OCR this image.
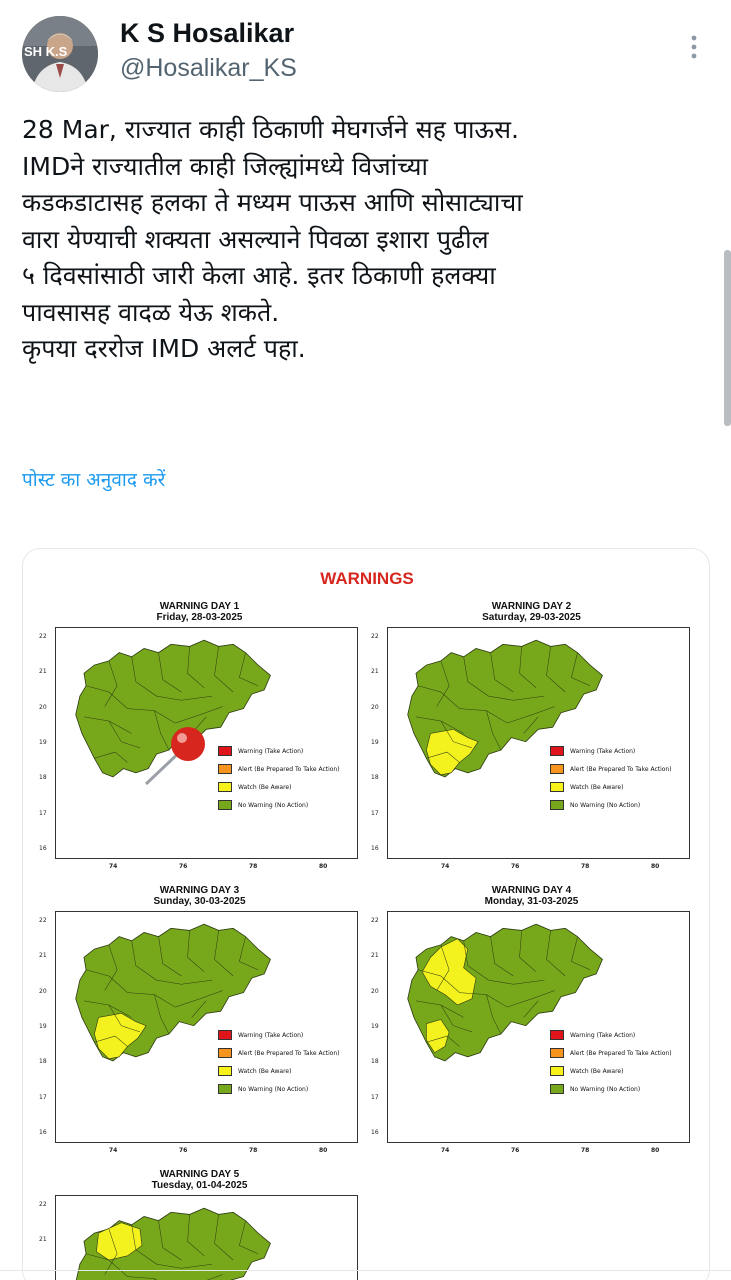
SH K.S
K S Hosalikar
@Hosalikar_KS
28 Mar, राज्यात काही ठिकाणी मेघगर्जने सह पाऊस.
IMDने राज्यातील काही जिल्ह्यांमध्ये विजांच्या
कडकडाटासह हलका ते मध्यम पाऊस आणि सोसाट्याचा
वारा येण्याची शक्यता असल्याने पिवळा इशारा पुढील
५ दिवसांसाठी जारी केला आहे. इतर ठिकाणी हलक्या
पावसासह वादळ येऊ शकते.
कृपया दररोज IMD अलर्ट पहा.
पोस्ट का अनुवाद करें
WARNINGS
WARNING DAY 1
Friday, 28-03-2025
Warning (Take Action)
Alert (Be Prepared To Take Action)
Watch (Be Aware)
No Warning (No Action)
22
21
20
19
18
17
16
74	76	78	80
WARNING DAY 2
Saturday, 29-03-2025
Warning (Take Action)
Alert (Be Prepared To Take Action)
Watch (Be Aware)
No Warning (No Action)
22
21
20
19
18
17
16
74	76	78	80
WARNING DAY 3
Sunday, 30-03-2025
Warning (Take Action)
Alert (Be Prepared To Take Action)
Watch (Be Aware)
No Warning (No Action)
22
21
20
19
18
17
16
74	76	78	80
WARNING DAY 4
Monday, 31-03-2025
Warning (Take Action)
Alert (Be Prepared To Take Action)
Watch (Be Aware)
No Warning (No Action)
22
21
20
19
18
17
16
74	76	78	80
WARNING DAY 5
Tuesday, 01-04-2025
22
21
